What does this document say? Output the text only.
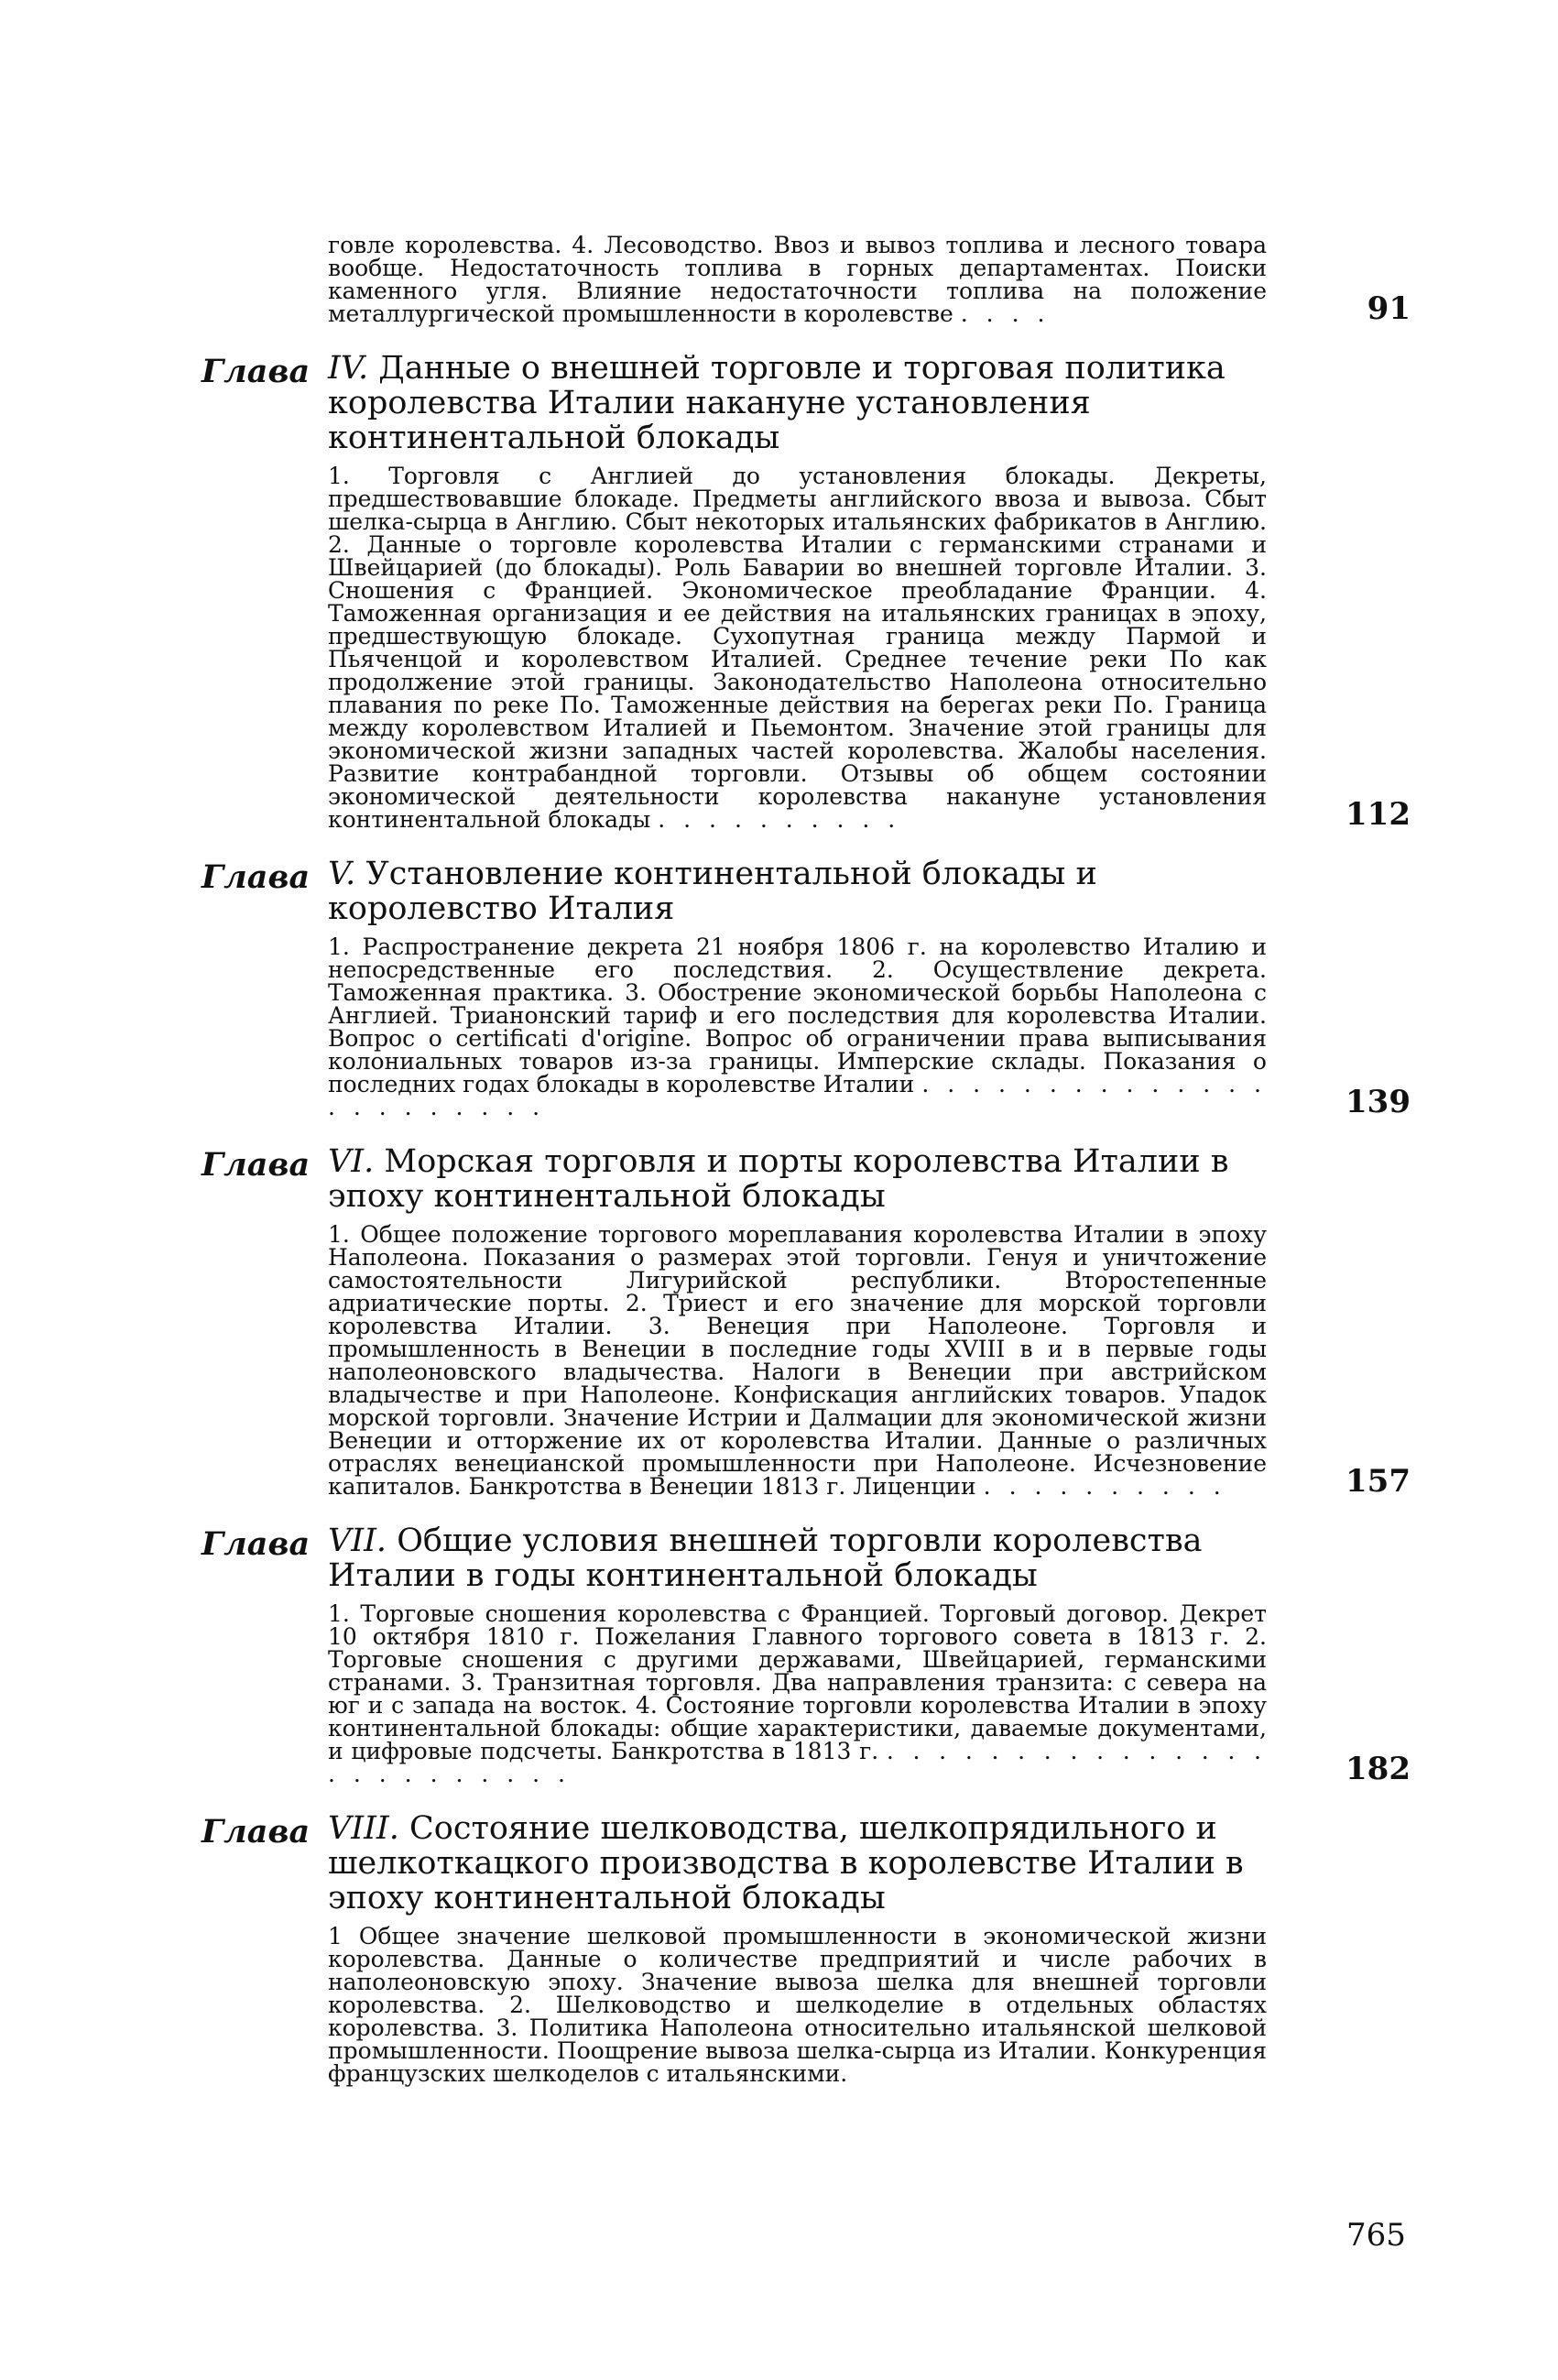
говле королевства. 4. Лесоводство. Ввоз и вывоз топлива и лесного товара вообще. Недостаточность топлива в горных департаментах. Поиски каменного угля. Влияние недостаточности топлива на положение металлургической промышленности в королевстве . . . .	91
Глава IV. Данные о внешней торговле и торговая политика королевства Италии накануне установления континентальной блокады
1. Торговля с Англией до установления блокады. Декреты, предшествовавшие блокаде. Предметы английского ввоза и вывоза. Сбыт шелка-сырца в Англию. Сбыт некоторых итальянских фабрикатов в Англию. 2. Данные о торговле королевства Италии с германскими странами и Швейцарией (до блокады). Роль Баварии во внешней торговле Италии. 3. Сношения с Францией. Экономическое преобладание Франции. 4. Таможенная организация и ее действия на итальянских границах в эпоху, предшествующую блокаде. Сухопутная граница между Пармой и Пьяченцой и королевством Италией. Среднее течение реки По как продолжение этой границы. Законодательство Наполеона относительно плавания по реке По. Таможенные действия на берегах реки По. Граница между королевством Италией и Пьемонтом. Значение этой границы для экономической жизни западных частей королевства. Жалобы населения. Развитие контрабандной торговли. Отзывы об общем состоянии экономической деятельности королевства накануне установления континентальной блокады . . . . . . . . . .	112
Глава V. Установление континентальной блокады и королевство Италия
1. Распространение декрета 21 ноября 1806 г. на королевство Италию и непосредственные его последствия. 2. Осуществление декрета. Таможенная практика. 3. Обострение экономической борьбы Наполеона с Англией. Трианонский тариф и его последствия для королевства Италии. Вопрос о certificati d'origine. Вопрос об ограничении права выписывания колониальных товаров из-за границы. Имперские склады. Показания о последних годах блокады в королевстве Италии . . . . . . . . . . . . . . . . . . . . . . .	139
Глава VI. Морская торговля и порты королевства Италии в эпоху континентальной блокады
1. Общее положение торгового мореплавания королевства Италии в эпоху Наполеона. Показания о размерах этой торговли. Генуя и уничтожение самостоятельности Лигурийской республики. Второстепенные адриатические порты. 2. Триест и его значение для морской торговли королевства Италии. 3. Венеция при Наполеоне. Торговля и промышленность в Венеции в последние годы XVIII в и в первые годы наполеоновского владычества. Налоги в Венеции при австрийском владычестве и при Наполеоне. Конфискация английских товаров. Упадок морской торговли. Значение Истрии и Далмации для экономической жизни Венеции и отторжение их от королевства Италии. Данные о различных отраслях венецианской промышленности при Наполеоне. Исчезновение капиталов. Банкротства в Венеции 1813 г. Лиценции . . . . . . . . . .	157
Глава VII. Общие условия внешней торговли королевства Италии в годы континентальной блокады
1. Торговые сношения королевства с Францией. Торговый договор. Декрет 10 октября 1810 г. Пожелания Главного торгового совета в 1813 г. 2. Торговые сношения с другими державами, Швейцарией, германскими странами. 3. Транзитная торговля. Два направления транзита: с севера на юг и с запада на восток. 4. Состояние торговли королевства Италии в эпоху континентальной блокады: общие характеристики, даваемые документами, и цифровые подсчеты. Банкротства в 1813 г. . . . . . . . . . . . . . . . . . . . . . . . . .	182
Глава VIII. Состояние шелководства, шелкопрядильного и шелкоткацкого производства в королевстве Италии в эпоху континентальной блокады
1 Общее значение шелковой промышленности в экономической жизни королевства. Данные о количестве предприятий и числе рабочих в наполеоновскую эпоху. Значение вывоза шелка для внешней торговли королевства. 2. Шелководство и шелкоделие в отдельных областях королевства. 3. Политика Наполеона относительно итальянской шелковой промышленности. Поощрение вывоза шелка-сырца из Италии. Конкуренция французских шелкоделов с итальянскими.
765
